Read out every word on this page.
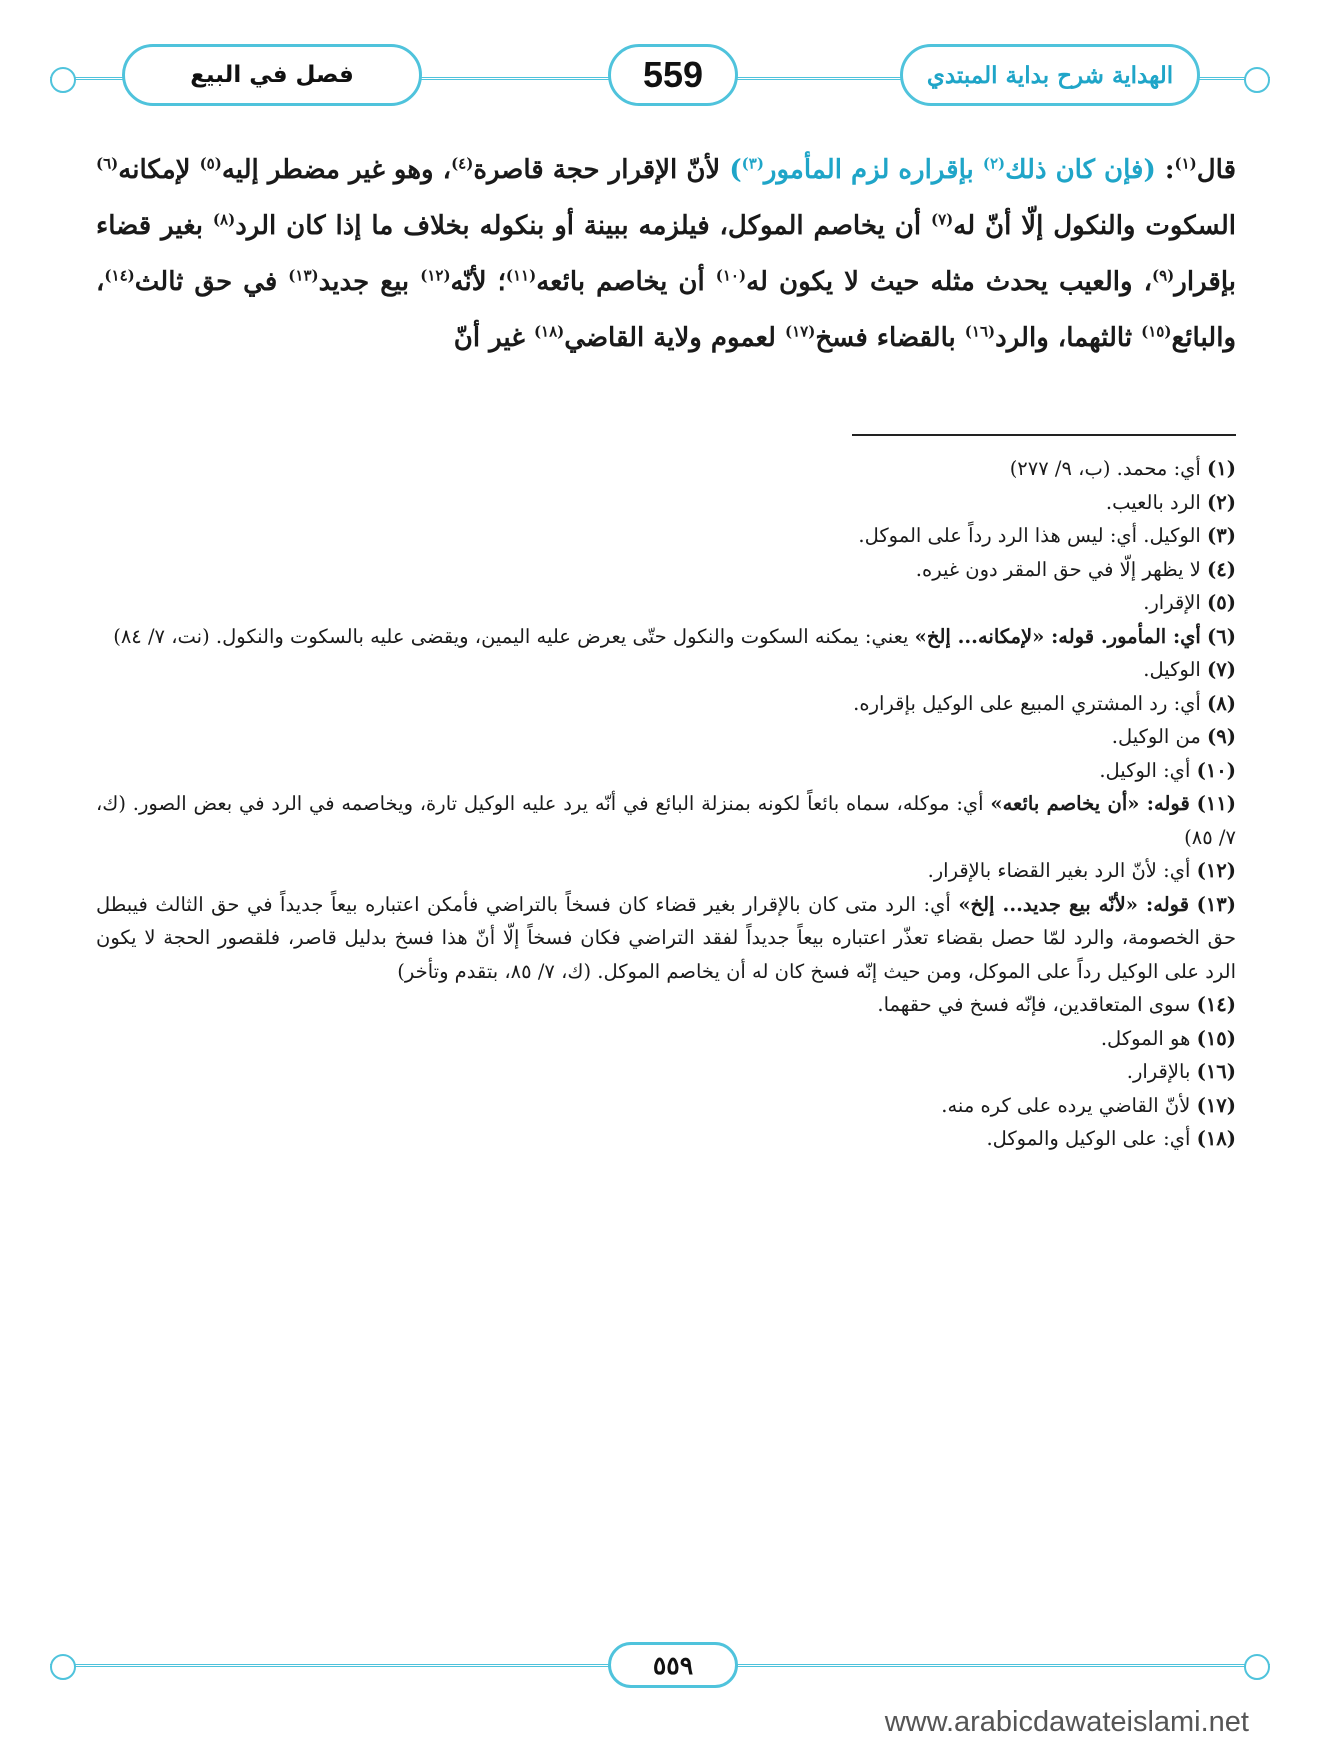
فصل في البيع	559	الهداية شرح بداية المبتدي

قال$^{(١)}$: (فإن كان ذلك$^{(٢)}$ بإقراره لزم المأمور$^{(٣)}$) لأنّ الإقرار حجة قاصرة$^{(٤)}$، وهو غير مضطر إليه$^{(٥)}$ لإمكانه$^{(٦)}$ السكوت والنكول إلّا أنّ له$^{(٧)}$ أن يخاصم الموكل، فيلزمه ببينة أو بنكوله بخلاف ما إذا كان الرد$^{(٨)}$ بغير قضاء بإقرار$^{(٩)}$، والعيب يحدث مثله حيث لا يكون له$^{(١٠)}$ أن يخاصم بائعه$^{(١١)}$؛ لأنّه$^{(١٢)}$ بيع جديد$^{(١٣)}$ في حق ثالث$^{(١٤)}$، والبائع$^{(١٥)}$ ثالثهما، والرد$^{(١٦)}$ بالقضاء فسخ$^{(١٧)}$ لعموم ولاية القاضي$^{(١٨)}$ غير أنّ

(١) أي: محمد. (ب، ٩/ ٢٧٧)

(٢) الرد بالعيب.

(٣) الوكيل. أي: ليس هذا الرد رداً على الموكل.

(٤) لا يظهر إلّا في حق المقر دون غيره.

(٥) الإقرار.

(٦) أي: المأمور. قوله: «لإمكانه... إلخ» يعني: يمكنه السكوت والنكول حتّى يعرض عليه اليمين، ويقضى عليه بالسكوت والنكول. (نت، ٧/ ٨٤)

(٧) الوكيل.

(٨) أي: رد المشتري المبيع على الوكيل بإقراره.

(٩) من الوكيل.

(١٠) أي: الوكيل.

(١١) قوله: «أن يخاصم بائعه» أي: موكله، سماه بائعاً لكونه بمنزلة البائع في أنّه يرد عليه الوكيل تارة، ويخاصمه في الرد في بعض الصور. (ك، ٧/ ٨٥)

(١٢) أي: لأنّ الرد بغير القضاء بالإقرار.

(١٣) قوله: «لأنّه بيع جديد... إلخ» أي: الرد متى كان بالإقرار بغير قضاء كان فسخاً بالتراضي فأمكن اعتباره بيعاً جديداً في حق الثالث فيبطل حق الخصومة، والرد لمّا حصل بقضاء تعذّر اعتباره بيعاً جديداً لفقد التراضي فكان فسخاً إلّا أنّ هذا فسخ بدليل قاصر، فلقصور الحجة لا يكون الرد على الوكيل رداً على الموكل، ومن حيث إنّه فسخ كان له أن يخاصم الموكل. (ك، ٧/ ٨٥، بتقدم وتأخر)

(١٤) سوى المتعاقدين، فإنّه فسخ في حقهما.

(١٥) هو الموكل.

(١٦) بالإقرار.

(١٧) لأنّ القاضي يرده على كره منه.

(١٨) أي: على الوكيل والموكل.

٥٥٩
www.arabicdawateislami.net
